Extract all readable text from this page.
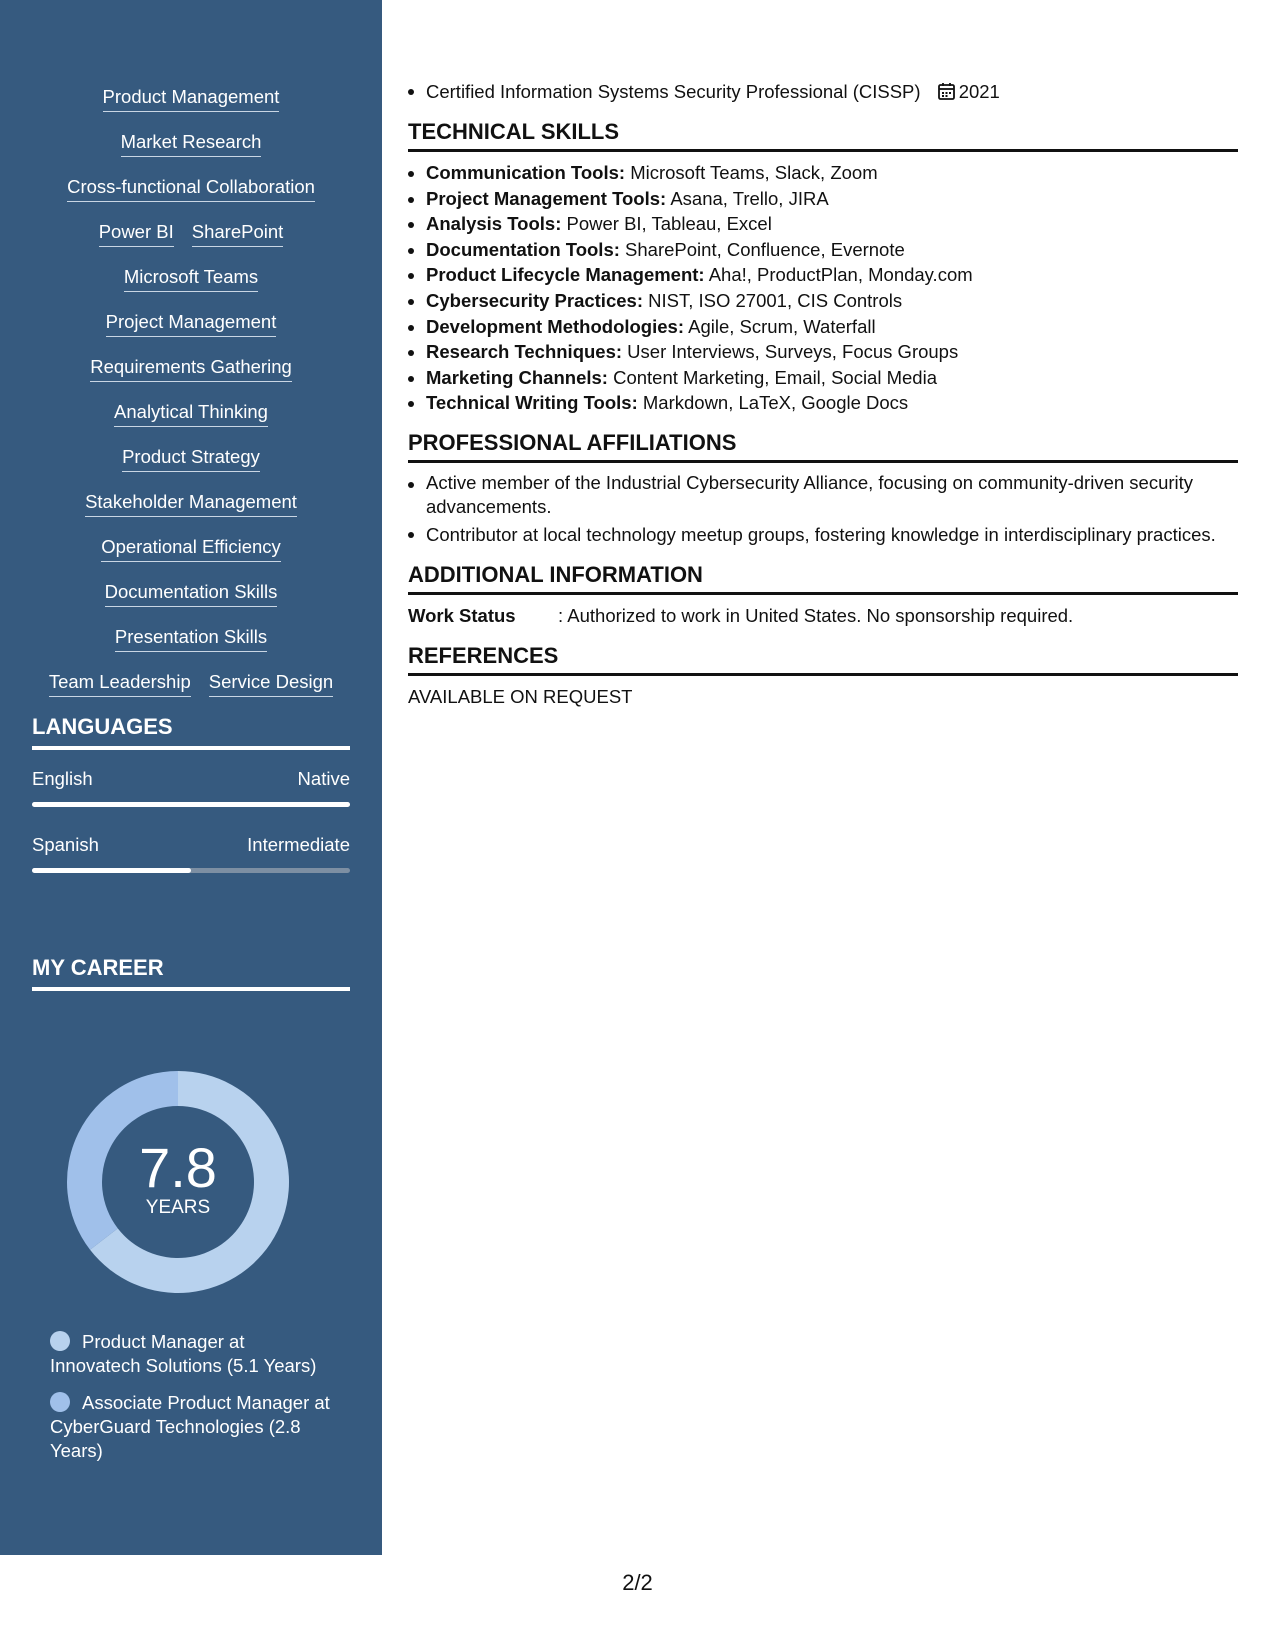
Product Management
Market Research
Cross-functional Collaboration
Power BI SharePoint
Microsoft Teams
Project Management
Requirements Gathering
Analytical Thinking
Product Strategy
Stakeholder Management
Operational Efficiency
Documentation Skills
Presentation Skills
Team Leadership Service Design
LANGUAGES
English	Native
Spanish	Intermediate
MY CAREER
7.8
YEARS
Product Manager at Innovatech Solutions (5.1 Years)
Associate Product Manager at CyberGuard Technologies (2.8 Years)
Certified Information Systems Security Professional (CISSP) 2021
TECHNICAL SKILLS
Communication Tools: Microsoft Teams, Slack, Zoom
Project Management Tools: Asana, Trello, JIRA
Analysis Tools: Power BI, Tableau, Excel
Documentation Tools: SharePoint, Confluence, Evernote
Product Lifecycle Management: Aha!, ProductPlan, Monday.com
Cybersecurity Practices: NIST, ISO 27001, CIS Controls
Development Methodologies: Agile, Scrum, Waterfall
Research Techniques: User Interviews, Surveys, Focus Groups
Marketing Channels: Content Marketing, Email, Social Media
Technical Writing Tools: Markdown, LaTeX, Google Docs
PROFESSIONAL AFFILIATIONS
Active member of the Industrial Cybersecurity Alliance, focusing on community-driven security advancements.
Contributor at local technology meetup groups, fostering knowledge in interdisciplinary practices.
ADDITIONAL INFORMATION
Work Status	: Authorized to work in United States. No sponsorship required.
REFERENCES
AVAILABLE ON REQUEST
2/2
